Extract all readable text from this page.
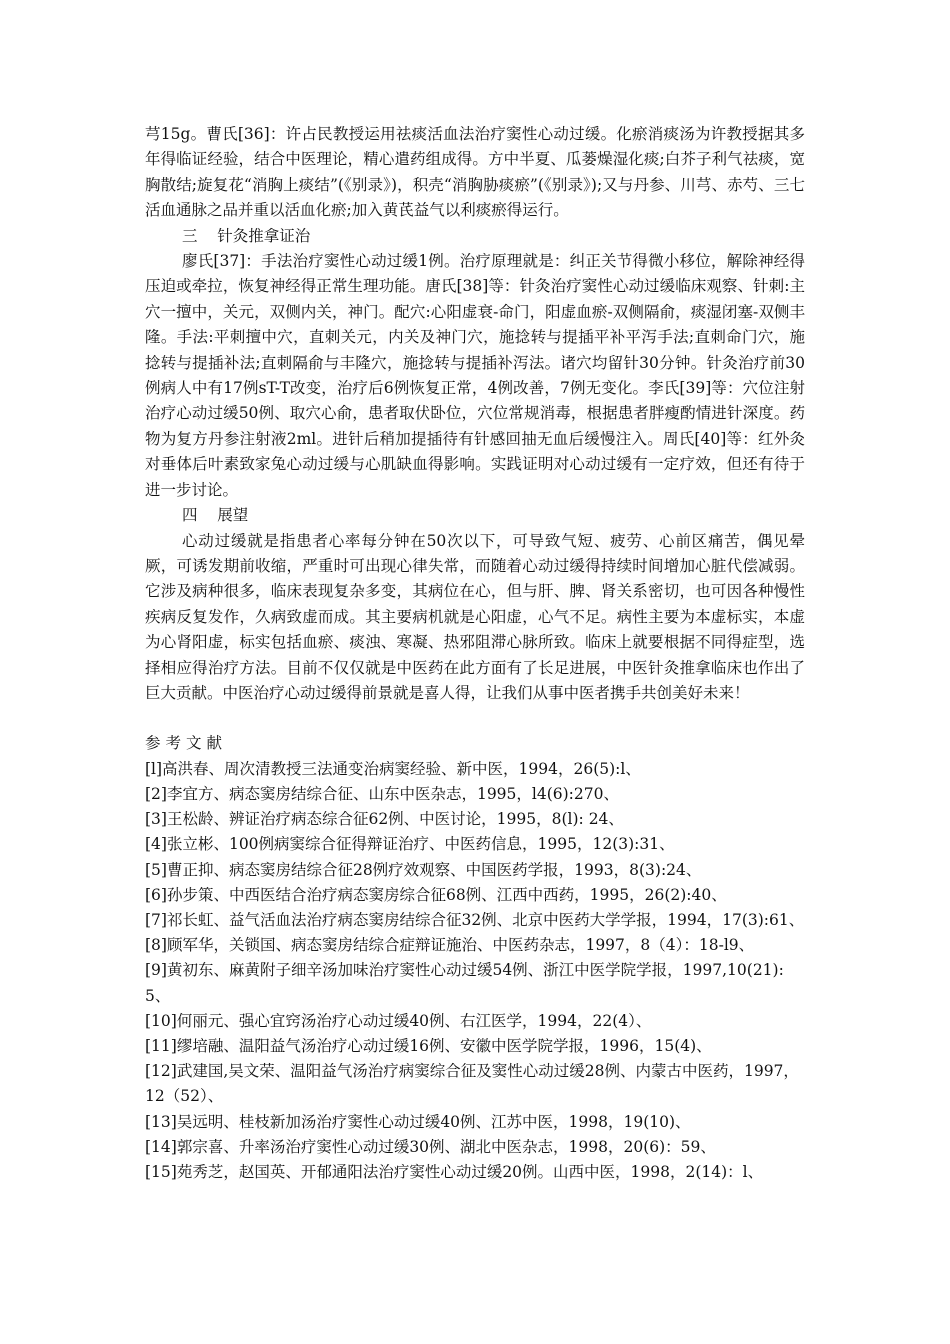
芎15g。曹氏[36]：许占民教授运用祛痰活血法治疗窦性心动过缓。化瘀消痰汤为许教授据其多年得临证经验，结合中医理论，精心遣药组成得。方中半夏、瓜蒌燥湿化痰;白芥子利气祛痰，宽胸散结;旋复花“消胸上痰结”(《别录》)，积壳“消胸胁痰瘀”(《别录》);又与丹参、川芎、赤芍、三七活血通脉之品并重以活血化瘀;加入黄芪益气以利痰瘀得运行。

三    针灸推拿证治

廖氏[37]：手法治疗窦性心动过缓1例。治疗原理就是：纠正关节得微小移位，解除神经得压迫或牵拉，恢复神经得正常生理功能。唐氏[38]等：针灸治疗窦性心动过缓临床观察、针刺:主穴一擅中，关元，双侧内关，神门。配穴:心阳虚衰-命门，阳虚血瘀-双侧隔俞，痰湿闭塞-双侧丰隆。手法:平刺擅中穴，直刺关元，内关及神门穴，施捻转与提插平补平泻手法;直刺命门穴，施捻转与提插补法;直刺隔俞与丰隆穴，施捻转与提插补泻法。诸穴均留针30分钟。针灸治疗前30例病人中有17例sT-T改变，治疗后6例恢复正常，4例改善，7例无变化。李氏[39]等：穴位注射治疗心动过缓50例、取穴心俞，患者取伏卧位，穴位常规消毒，根据患者胖瘦酌情进针深度。药物为复方丹参注射液2ml。进针后稍加提插待有针感回抽无血后缓慢注入。周氏[40]等：红外灸对垂体后叶素致家兔心动过缓与心肌缺血得影响。实践证明对心动过缓有一定疗效，但还有待于进一步讨论。

四    展望

心动过缓就是指患者心率每分钟在50次以下，可导致气短、疲劳、心前区痛苦，偶见晕厥，可诱发期前收缩，严重时可出现心律失常，而随着心动过缓得持续时间增加心脏代偿减弱。它涉及病种很多，临床表现复杂多变，其病位在心，但与肝、脾、肾关系密切，也可因各种慢性疾病反复发作，久病致虚而成。其主要病机就是心阳虚，心气不足。病性主要为本虚标实，本虚为心肾阳虚，标实包括血瘀、痰浊、寒凝、热邪阻滞心脉所致。临床上就要根据不同得症型，选择相应得治疗方法。目前不仅仅就是中医药在此方面有了长足进展，中医针灸推拿临床也作出了巨大贡献。中医治疗心动过缓得前景就是喜人得，让我们从事中医者携手共创美好未来！

参考文献

[l]高洪春、周次清教授三法通变治病窦经验、新中医，1994，26(5):l、
[2]李宜方、病态窦房结综合征、山东中医杂志，1995，l4(6):270、
[3]王松龄、辨证治疗病态综合征62例、中医讨论，1995，8(l): 24、
[4]张立彬、100例病窦综合征得辩证治疗、中医药信息，1995，12(3):31、
[5]曹正抑、病态窦房结综合征28例疗效观察、中国医药学报，1993，8(3):24、
[6]孙步策、中西医结合治疗病态窦房综合征68例、江西中西药，1995，26(2):40、
[7]祁长虹、益气活血法治疗病态窦房结综合征32例、北京中医药大学学报，1994，17(3):61、
[8]顾军华，关锁国、病态窦房结综合症辩证施治、中医药杂志，1997，8（4）：18-l9、
[9]黄初东、麻黄附子细辛汤加味治疗窦性心动过缓54例、浙江中医学院学报，1997,10(21):5、
[10]何丽元、强心宜窍汤治疗心动过缓40例、右江医学，1994，22(4）、
[11]缪培融、温阳益气汤治疗心动过缓16例、安徽中医学院学报，1996，15(4)、
[12]武建国,吴文荣、温阳益气汤治疗病窦综合征及窦性心动过缓28例、内蒙古中医药，1997，12（52）、
[13]吴远明、桂枝新加汤治疗窦性心动过缓40例、江苏中医，1998，19(10)、
[14]郭宗喜、升率汤治疗窦性心动过缓30例、湖北中医杂志，1998，20(6)：59、
[15]苑秀芝，赵国英、开郁通阳法治疗窦性心动过缓20例。山西中医，1998，2(14)：l、
